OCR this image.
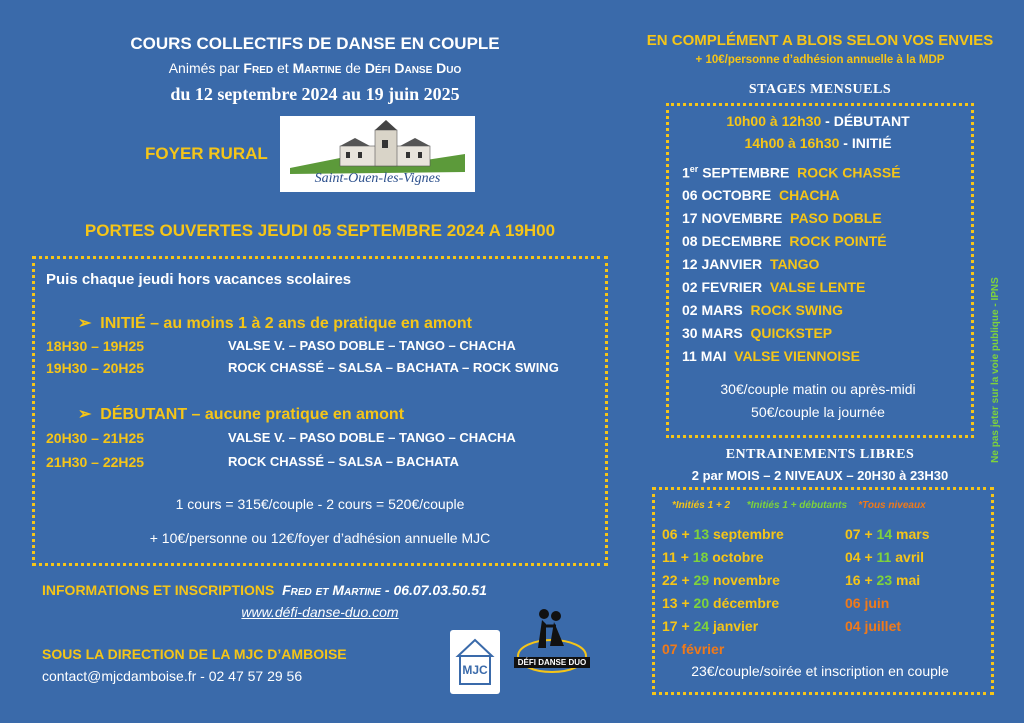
COURS COLLECTIFS DE DANSE EN COUPLE
Animés par Fred et Martine de Défi Danse Duo
du 12 septembre 2024 au 19 juin 2025
FOYER RURAL
Saint-Ouen-les-Vignes
PORTES OUVERTES JEUDI 05 SEPTEMBRE 2024 A 19H00
Puis chaque jeudi hors vacances scolaires
➢  INITIÉ – au moins 1 à 2 ans de pratique en amont
18H30 – 19H25	VALSE V. – PASO DOBLE – TANGO – CHACHA
19H30 – 20H25	ROCK CHASSÉ – SALSA – BACHATA – ROCK SWING
➢  DÉBUTANT – aucune pratique en amont
20H30 – 21H25	VALSE V. – PASO DOBLE – TANGO – CHACHA
21H30 – 22H25	ROCK CHASSÉ – SALSA – BACHATA
1 cours = 315€/couple - 2 cours = 520€/couple
+ 10€/personne ou 12€/foyer d’adhésion annuelle MJC
INFORMATIONS ET INSCRIPTIONS Fred et Martine - 06.07.03.50.51
www.défi-danse-duo.com
SOUS LA DIRECTION DE LA MJC D’AMBOISE
contact@mjcdamboise.fr - 02 47 57 29 56	MJC
DÉFI DANSE DUO
EN COMPLÉMENT A BLOIS SELON VOS ENVIES
+ 10€/personne d’adhésion annuelle à la MDP
STAGES MENSUELS
10h00 à 12h30 - DÉBUTANT
14h00 à 16h30 - INITIÉ
1er SEPTEMBRE ROCK CHASSÉ
06 OCTOBRE CHACHA
17 NOVEMBRE PASO DOBLE
08 DECEMBRE ROCK POINTÉ
12 JANVIER TANGO
02 FEVRIER VALSE LENTE
02 MARS ROCK SWING
30 MARS QUICKSTEP
11 MAI VALSE VIENNOISE
30€/couple matin ou après-midi
50€/couple la journée
ENTRAINEMENTS LIBRES
2 par MOIS – 2 NIVEAUX – 20H30 à 23H30
*Initiés 1 + 2 *Initiés 1 + débutants *Tous niveaux
06 + 13 septembre
11 + 18 octobre
22 + 29 novembre
13 + 20 décembre
17 + 24 janvier
07 + 14 mars
04 + 11 avril
16 + 23 mai
06 juin
04 juillet
07 février
23€/couple/soirée et inscription en couple
Ne pas jeter sur la voie publique - IPNS
